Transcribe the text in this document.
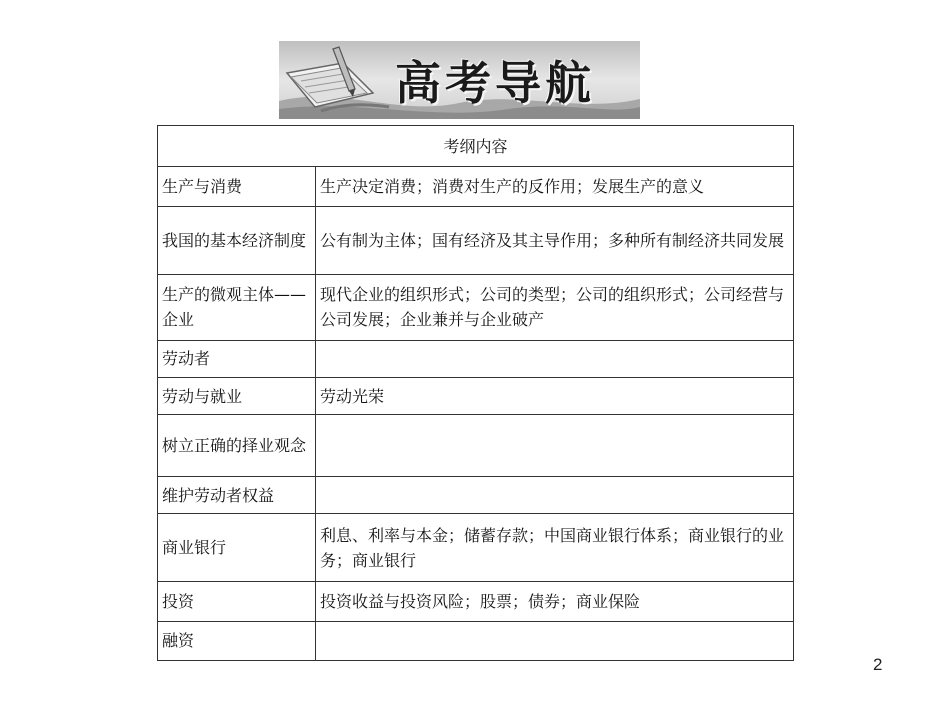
高考导航
考纲内容	
生产与消费	生产决定消费；消费对生产的反作用；发展生产的意义
我国的基本经济制度	公有制为主体；国有经济及其主导作用；多种所有制经济共同发展
生产的微观主体——企业	现代企业的组织形式；公司的类型；公司的组织形式；公司经营与公司发展；企业兼并与企业破产
劳动者	
劳动与就业	劳动光荣
树立正确的择业观念	
维护劳动者权益	
商业银行	利息、利率与本金；储蓄存款；中国商业银行体系；商业银行的业务；商业银行
投资	投资收益与投资风险；股票；债券；商业保险
融资	
2
